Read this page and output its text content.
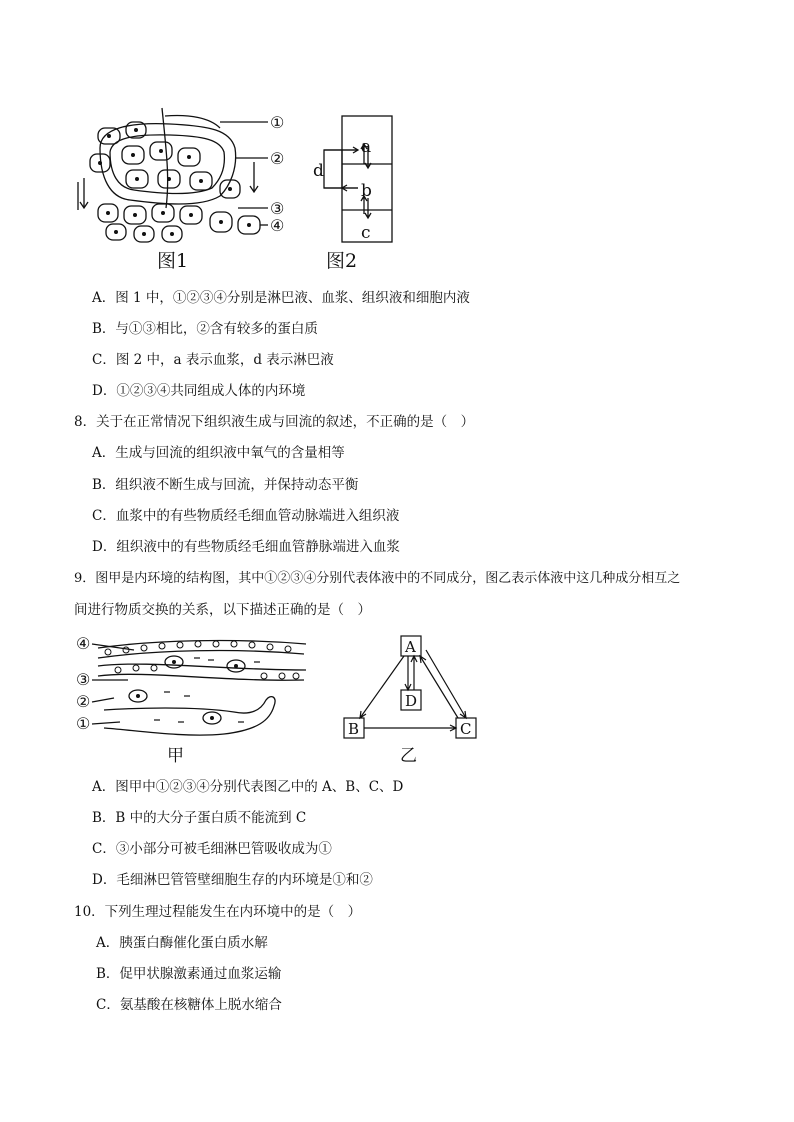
①
②
③
④
图1
a
b
c
d
图2
A．图 1 中，①②③④分别是淋巴液、血浆、组织液和细胞内液
B．与①③相比，②含有较多的蛋白质
C．图 2 中，a 表示血浆，d 表示淋巴液
D．①②③④共同组成人体的内环境
8．关于在正常情况下组织液生成与回流的叙述，不正确的是（　）
A．生成与回流的组织液中氧气的含量相等
B．组织液不断生成与回流，并保持动态平衡
C．血浆中的有些物质经毛细血管动脉端进入组织液
D．组织液中的有些物质经毛细血管静脉端进入血浆
9．图甲是内环境的结构图，其中①②③④分别代表体液中的不同成分，图乙表示体液中这几种成分相互之
间进行物质交换的关系，以下描述正确的是（　）
④
③
②
①
甲
A
B	C
D
乙
A．图甲中①②③④分别代表图乙中的 A、B、C、D
B．B 中的大分子蛋白质不能流到 C
C．③小部分可被毛细淋巴管吸收成为①
D．毛细淋巴管管壁细胞生存的内环境是①和②
10．下列生理过程能发生在内环境中的是（　）
A．胰蛋白酶催化蛋白质水解
B．促甲状腺激素通过血浆运输
C．氨基酸在核糖体上脱水缩合
